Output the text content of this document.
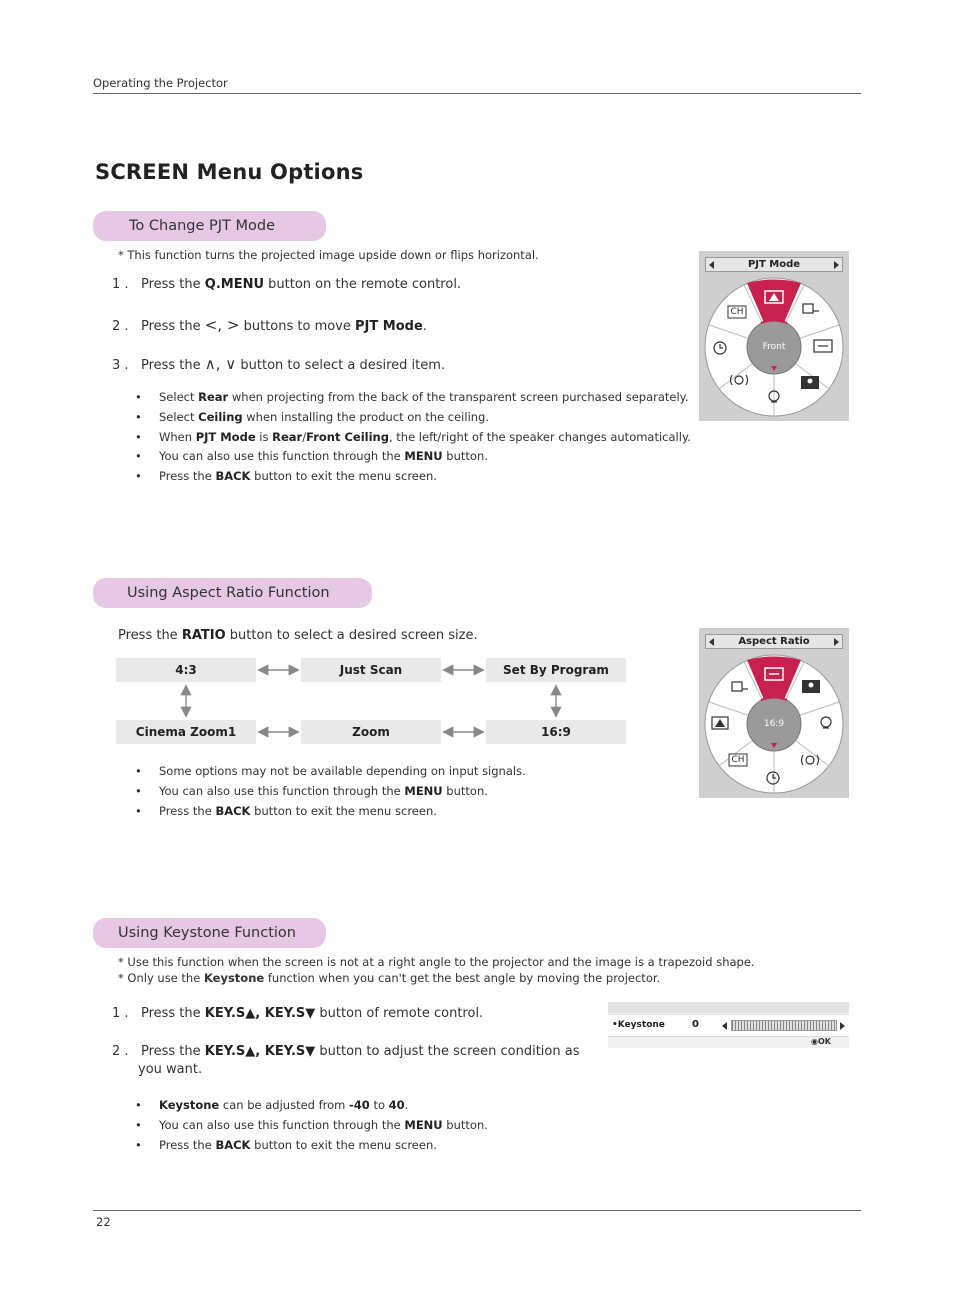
Operating the Projector
SCREEN Menu Options
To Change PJT Mode
* This function turns the projected image upside down or flips horizontal.
1 . Press the Q.MENU button on the remote control.
2 . Press the <, > buttons to move PJT Mode.
3 . Press the ∧, ∨ button to select a desired item.
• Select Rear when projecting from the back of the transparent screen purchased separately.
• Select Ceiling when installing the product on the ceiling.
• When PJT Mode is Rear/Front Ceiling, the left/right of the speaker changes automatically.
• You can also use this function through the MENU button.
• Press the BACK button to exit the menu screen.
PJT Mode
CH
Front
Using Aspect Ratio Function
Press the RATIO button to select a desired screen size.
4:3	Just Scan	Set By Program
Cinema Zoom1	Zoom	16:9
• Some options may not be available depending on input signals.
• You can also use this function through the MENU button.
• Press the BACK button to exit the menu screen.
Aspect Ratio
CH
16:9
Using Keystone Function
* Use this function when the screen is not at a right angle to the projector and the image is a trapezoid shape.
* Only use the Keystone function when you can't get the best angle by moving the projector.
1 . Press the KEY.S▲, KEY.S▼ button of remote control.
2 . Press the KEY.S▲, KEY.S▼ button to adjust the screen condition as
you want.
• Keystone can be adjusted from -40 to 40.
• You can also use this function through the MENU button.
• Press the BACK button to exit the menu screen.
•Keystone	0
◉OK
22
